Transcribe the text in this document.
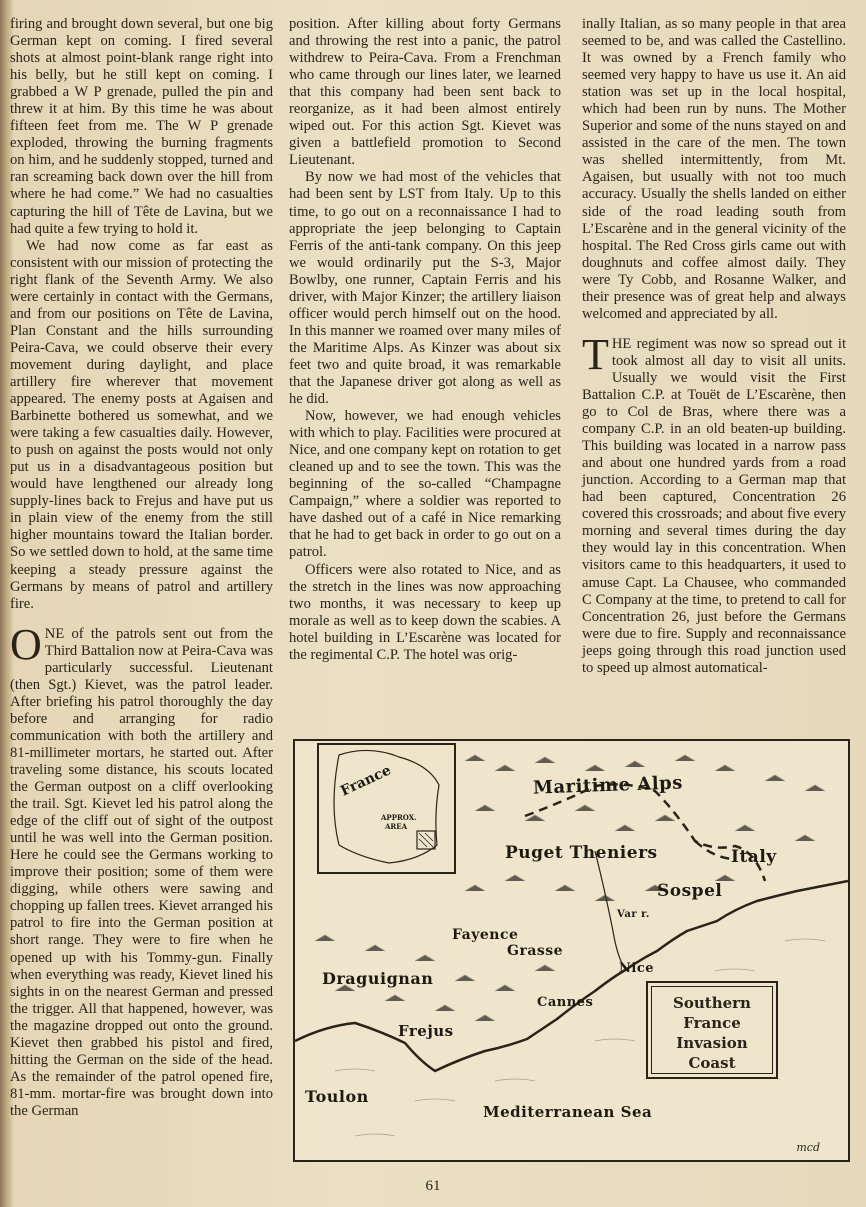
firing and brought down several, but one big German kept on coming. I fired several shots at almost point-blank range right into his belly, but he still kept on coming. I grabbed a W P grenade, pulled the pin and threw it at him. By this time he was about fifteen feet from me. The W P grenade exploded, throwing the burning fragments on him, and he suddenly stopped, turned and ran screaming back down over the hill from where he had come.” We had no casualties capturing the hill of Tête de Lavina, but we had quite a few trying to hold it.

We had now come as far east as consistent with our mission of protecting the right flank of the Seventh Army. We also were certainly in contact with the Germans, and from our positions on Tête de Lavina, Plan Constant and the hills surrounding Peira-Cava, we could observe their every movement during daylight, and place artillery fire wherever that movement appeared. The enemy posts at Agaisen and Barbinette bothered us somewhat, and we were taking a few casualties daily. However, to push on against the posts would not only put us in a disadvantageous position but would have lengthened our already long supply-lines back to Frejus and have put us in plain view of the enemy from the still higher mountains toward the Italian border. So we settled down to hold, at the same time keeping a steady pressure against the Germans by means of patrol and artillery fire.

ONE of the patrols sent out from the Third Battalion now at Peira-Cava was particularly successful. Lieutenant (then Sgt.) Kievet, was the patrol leader. After briefing his patrol thoroughly the day before and arranging for radio communication with both the artillery and 81-millimeter mortars, he started out. After traveling some distance, his scouts located the German outpost on a cliff overlooking the trail. Sgt. Kievet led his patrol along the edge of the cliff out of sight of the outpost until he was well into the German position. Here he could see the Germans working to improve their position; some of them were digging, while others were sawing and chopping up fallen trees. Kievet arranged his patrol to fire into the German position at short range. They were to fire when he opened up with his Tommy-gun. Finally when everything was ready, Kievet lined his sights in on the nearest German and pressed the trigger. All that happened, however, was the magazine dropped out onto the ground. Kievet then grabbed his pistol and fired, hitting the German on the side of the head. As the remainder of the patrol opened fire, 81-mm. mortar-fire was brought down into the German

position. After killing about forty Germans and throwing the rest into a panic, the patrol withdrew to Peira-Cava. From a Frenchman who came through our lines later, we learned that this company had been sent back to reorganize, as it had been almost entirely wiped out. For this action Sgt. Kievet was given a battlefield promotion to Second Lieutenant.

By now we had most of the vehicles that had been sent by LST from Italy. Up to this time, to go out on a reconnaissance I had to appropriate the jeep belonging to Captain Ferris of the anti-tank company. On this jeep we would ordinarily put the S-3, Major Bowlby, one runner, Captain Ferris and his driver, with Major Kinzer; the artillery liaison officer would perch himself out on the hood. In this manner we roamed over many miles of the Maritime Alps. As Kinzer was about six feet two and quite broad, it was remarkable that the Japanese driver got along as well as he did.

Now, however, we had enough vehicles with which to play. Facilities were procured at Nice, and one company kept on rotation to get cleaned up and to see the town. This was the beginning of the so-called “Champagne Campaign,” where a soldier was reported to have dashed out of a café in Nice remarking that he had to get back in order to go out on a patrol.

Officers were also rotated to Nice, and as the stretch in the lines was now approaching two months, it was necessary to keep up morale as well as to keep down the scabies. A hotel building in L’Escarène was located for the regimental C.P. The hotel was orig-

inally Italian, as so many people in that area seemed to be, and was called the Castellino. It was owned by a French family who seemed very happy to have us use it. An aid station was set up in the local hospital, which had been run by nuns. The Mother Superior and some of the nuns stayed on and assisted in the care of the men. The town was shelled intermittently, from Mt. Agaisen, but usually with not too much accuracy. Usually the shells landed on either side of the road leading south from L’Escarène and in the general vicinity of the hospital. The Red Cross girls came out with doughnuts and coffee almost daily. They were Ty Cobb, and Rosanne Walker, and their presence was of great help and always welcomed and appreciated by all.

THE regiment was now so spread out it took almost all day to visit all units. Usually we would visit the First Battalion C.P. at Touët de L’Escarène, then go to Col de Bras, where there was a company C.P. in an old beaten-up building. This building was located in a narrow pass and about one hundred yards from a road junction. According to a German map that had been captured, Concentration 26 covered this crossroads; and about five every morning and several times during the day they would lay in this concentration. When visitors came to this headquarters, it used to amuse Capt. La Chausee, who commanded C Company at the time, to pretend to call for Concentration 26, just before the Germans were due to fire. Supply and reconnaissance jeeps going through this road junction used to speed up almost automatical-

France
APPROX.
AREA
Maritime Alps
Puget Theniers	Italy
Sospel
Var r.
Fayence
Grasse
Nice
Draguignan
Cannes
Frejus
Toulon
Mediterranean Sea
Southern
France
Invasion
Coast
mcd
61
